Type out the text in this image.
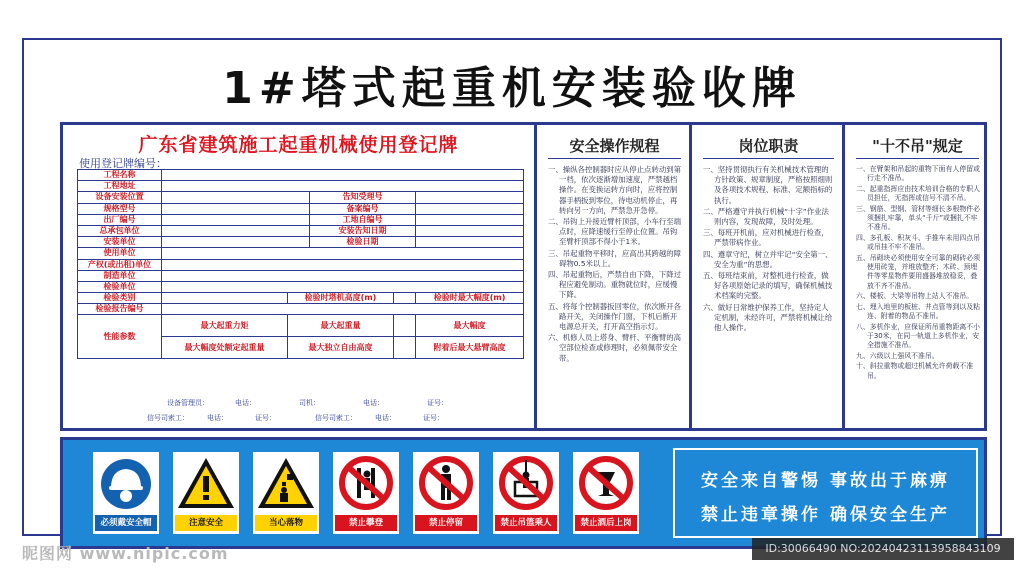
1#塔式起重机安装验收牌
广东省建筑施工起重机械使用登记牌
使用登记牌编号：
工程名称					
工程地址					
设备安装位置			告知受理号		
规格型号			备案编号		
出厂编号			工地自编号		
总承包单位			安装告知日期		
安装单位			检验日期		
使用单位					
产权(或出租)单位					
制造单位					
检验单位					
检验类别		检验时塔机高度(m)			检验时最大幅度(m)
检验报告编号					
性能参数	最大起重力矩	最大起重量			最大幅度
	最大幅度处额定起重量	最大独立自由高度			附着后最大悬臂高度
设备管理员：	电话：	司机：	电话：	证号：
信号司索工：	电话：	证号：	信号司索工：	电话：	证号：
安全操作规程

一、操纵各控制器时应从停止点转动到第一档，依次逐渐增加速度，严禁越档操作。在变换运转方向时，应将控制器手柄扳到零位，待电动机停止，再转向另一方向，严禁急开急停。

二、吊钩上升接近臂杆顶部，小车行至端点时，应降速缓行至停止位置。吊钩至臂杆顶部不得小于1米。

三、吊起重物平移时，应高出其跨越的障碍物0.5米以上。

四、吊起重物后，严禁自由下降，下降过程应避免制动。重物就位时，应缓慢下降。

五、将每个控制器扳回零位，依次断开各路开关，关闭操作门窗，下机后断开电源总开关，打开高空指示灯。

六、机修人员上塔身、臂杆、平衡臂的高空部位检查或修理时，必须佩带安全带。

岗位职责

一、坚持贯彻执行有关机械技术管理的方针政策、规章制度，严格按照细则及各项技术规程、标准、定额指标的执行。

二、严格遵守并执行机械“十字”作业法则内容，发现故障，及时处理。

三、每班开机前，应对机械进行检查，严禁带病作业。

四、遵章守纪，树立并牢记“安全第一、安全为重”的思想。

五、每班结束前，对整机进行检查，做好各项原始记录的填写，确保机械技术档案的完整。

六、做好日常维护保养工作，坚持定人定机制，未经许可，严禁将机械让给他人操作。

"十不吊"规定

一、在臂架和吊起的重物下面有人停留或行走不准吊。

二、起重指挥应由技术培训合格的专职人员担任，无指挥或信号不清不吊。

三、钢筋、型钢、管材等细长多根物件必须捆扎牢靠，单头“千斤”或捆扎不牢不准吊。

四、多孔板、积灰斗、手推车未用四点吊或吊挂不牢不准吊。

五、吊砌块必须使用安全可靠的砌砖必须使用砖笼，并堆放整齐；木砖、预埋件等零星物件要用盛器堆放稳妥，叠放不齐不准吊。

六、楼板、大梁等吊物上站人不准吊。

七、埋入地里的板桩、井点管等到以及粘连、附着的物品不准吊。

八、多机作业，应保证所吊重物距离不小于30米，在同一轨道上多机作业，安全措施不准吊。

九、六级以上强风不准吊。

十、斜拉重物或超过机械允许荷载不准吊。

必须戴安全帽	注意安全	当心落物	禁止攀登	禁止停留	禁止吊篮乘人	禁止酒后上岗
安全来自警惕 事故出于麻痹
禁止违章操作 确保安全生产
昵图网 www.nipic.com	ID:30066490 NO:20240423113958843109
